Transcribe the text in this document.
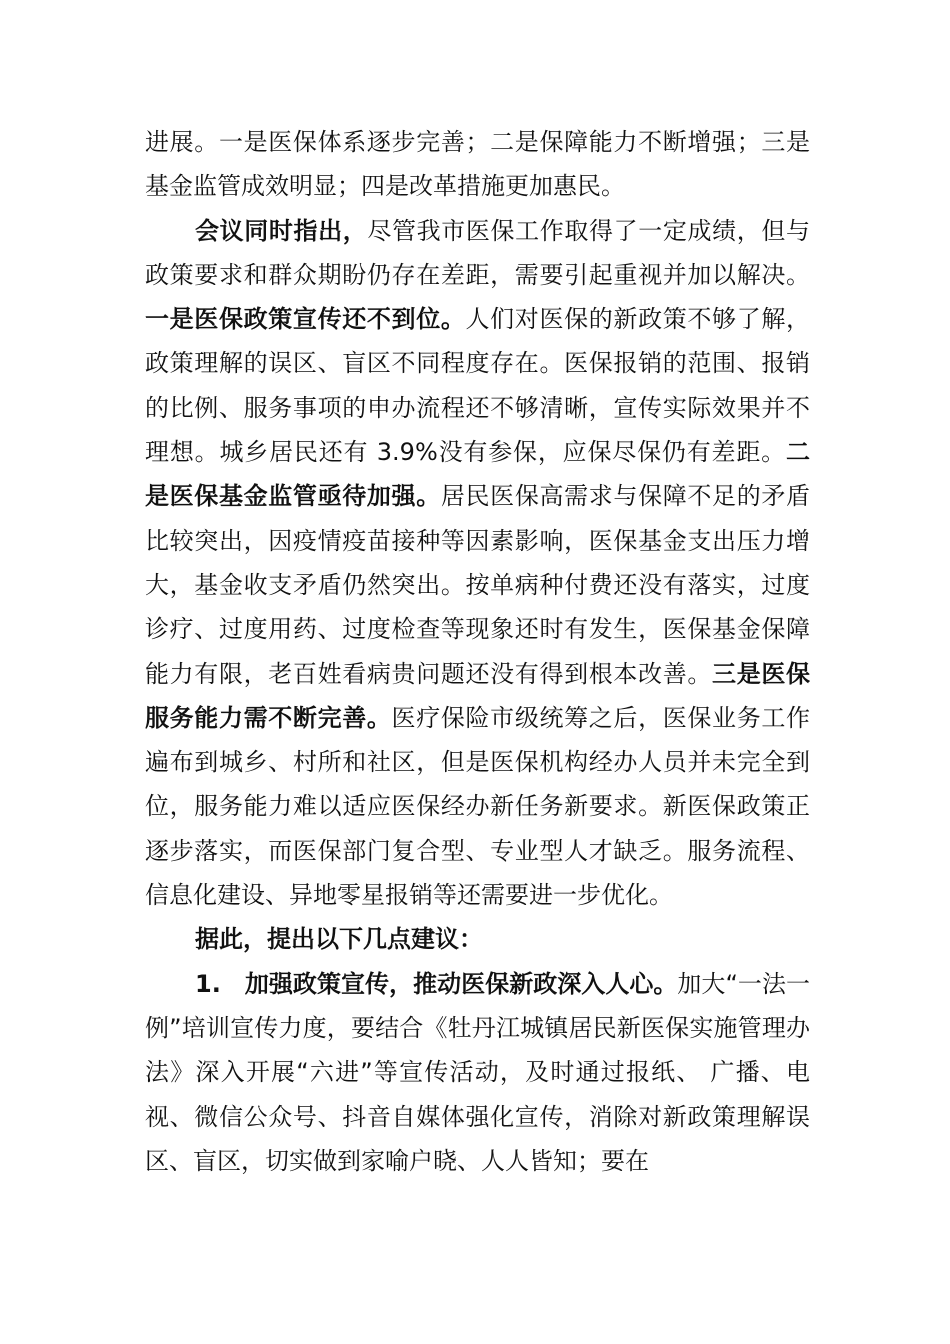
进展。一是医保体系逐步完善；二是保障能力不断增强；三是基金监管成效明显；四是改革措施更加惠民。

会议同时指出，尽管我市医保工作取得了一定成绩，但与政策要求和群众期盼仍存在差距，需要引起重视并加以解决。一是医保政策宣传还不到位。人们对医保的新政策不够了解，政策理解的误区、盲区不同程度存在。医保报销的范围、报销的比例、服务事项的申办流程还不够清晰，宣传实际效果并不理想。城乡居民还有 3.9%没有参保，应保尽保仍有差距。二是医保基金监管亟待加强。居民医保高需求与保障不足的矛盾比较突出，因疫情疫苗接种等因素影响，医保基金支出压力增大，基金收支矛盾仍然突出。按单病种付费还没有落实，过度诊疗、过度用药、过度检查等现象还时有发生，医保基金保障能力有限，老百姓看病贵问题还没有得到根本改善。三是医保服务能力需不断完善。医疗保险市级统筹之后，医保业务工作遍布到城乡、村所和社区，但是医保机构经办人员并未完全到位，服务能力难以适应医保经办新任务新要求。新医保政策正逐步落实，而医保部门复合型、专业型人才缺乏。服务流程、信息化建设、异地零星报销等还需要进一步优化。

据此，提出以下几点建议：

1.　加强政策宣传，推动医保新政深入人心。加大“一法一例”培训宣传力度，要结合《牡丹江城镇居民新医保实施管理办法》深入开展“六进”等宣传活动，及时通过报纸、 广播、电视、微信公众号、抖音自媒体强化宣传，消除对新政策理解误区、盲区，切实做到家喻户晓、人人皆知；要在
